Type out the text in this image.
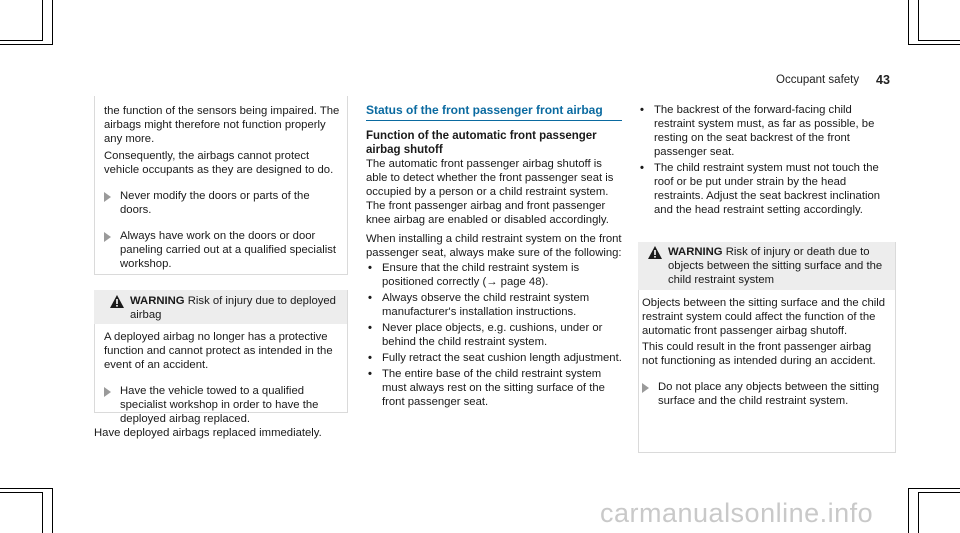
Occupant safety 43

the function of the sensors being impaired. The airbags might therefore not function properly any more.

Consequently, the airbags cannot protect vehicle occupants as they are designed to do.

Never modify the doors or parts of the doors.
Always have work on the doors or door paneling carried out at a qualified specialist workshop.
WARNING Risk of injury due to deployed airbag

A deployed airbag no longer has a protective function and cannot protect as intended in the event of an accident.

Have the vehicle towed to a qualified specialist workshop in order to have the deployed airbag replaced.
Have deployed airbags replaced immediately.
Status of the front passenger front airbag
Function of the automatic front passenger airbag shutoff

The automatic front passenger airbag shutoff is able to detect whether the front passenger seat is occupied by a person or a child restraint system. The front passenger airbag and front passenger knee airbag are enabled or disabled accordingly.

When installing a child restraint system on the front passenger seat, always make sure of the following:

• Ensure that the child restraint system is positioned correctly (→ page 48).
• Always observe the child restraint system manufacturer's installation instructions.
• Never place objects, e.g. cushions, under or behind the child restraint system.
• Fully retract the seat cushion length adjustment.
• The entire base of the child restraint system must always rest on the sitting surface of the front passenger seat.
• The backrest of the forward-facing child restraint system must, as far as possible, be resting on the seat backrest of the front passenger seat.
• The child restraint system must not touch the roof or be put under strain by the head restraints. Adjust the seat backrest inclination and the head restraint setting accordingly.
WARNING Risk of injury or death due to objects between the sitting surface and the child restraint system

Objects between the sitting surface and the child restraint system could affect the function of the automatic front passenger airbag shutoff.

This could result in the front passenger airbag not functioning as intended during an accident.

Do not place any objects between the sitting surface and the child restraint system.
carmanualsonline.info
